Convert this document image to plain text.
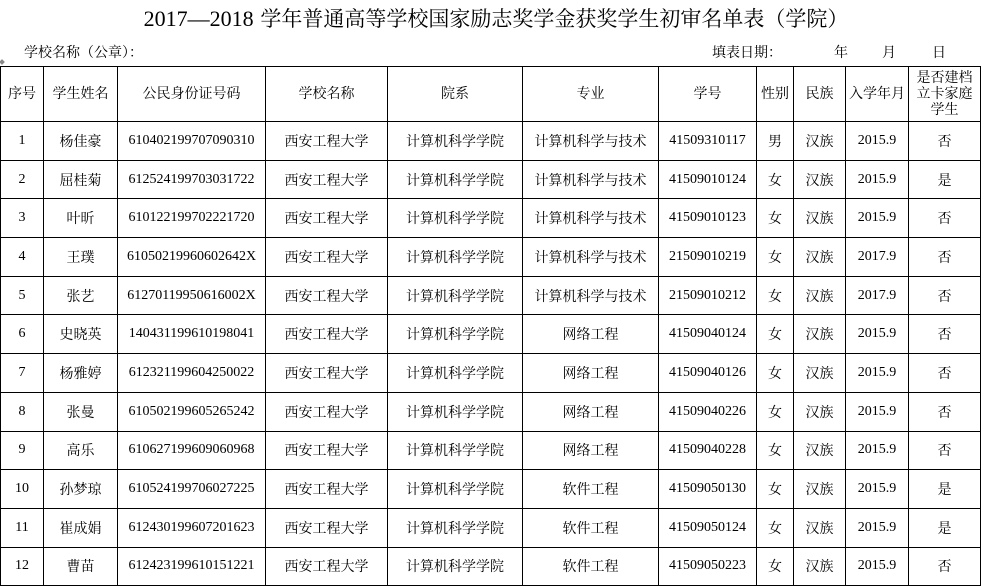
2017—2018 学年普通高等学校国家励志奖学金获奖学生初审名单表（学院）
学校名称（公章）：	填表日期：	年 月	日
序号	学生姓名	公民身份证号码	学校名称	院系	专业	学号	性别	民族	入学年月	是否建档立卡家庭学生
1	杨佳豪	610402199707090310	西安工程大学	计算机科学学院	计算机科学与技术	41509310117	男	汉族	2015.9	否
2	屈桂菊	612524199703031722	西安工程大学	计算机科学学院	计算机科学与技术	41509010124	女	汉族	2015.9	是
3	叶昕	610122199702221720	西安工程大学	计算机科学学院	计算机科学与技术	41509010123	女	汉族	2015.9	否
4	王璞	61050219960602642X	西安工程大学	计算机科学学院	计算机科学与技术	21509010219	女	汉族	2017.9	否
5	张艺	61270119950616002X	西安工程大学	计算机科学学院	计算机科学与技术	21509010212	女	汉族	2017.9	否
6	史晓英	140431199610198041	西安工程大学	计算机科学学院	网络工程	41509040124	女	汉族	2015.9	否
7	杨雅婷	612321199604250022	西安工程大学	计算机科学学院	网络工程	41509040126	女	汉族	2015.9	否
8	张曼	610502199605265242	西安工程大学	计算机科学学院	网络工程	41509040226	女	汉族	2015.9	否
9	高乐	610627199609060968	西安工程大学	计算机科学学院	网络工程	41509040228	女	汉族	2015.9	否
10	孙梦琼	610524199706027225	西安工程大学	计算机科学学院	软件工程	41509050130	女	汉族	2015.9	是
11	崔成娟	612430199607201623	西安工程大学	计算机科学学院	软件工程	41509050124	女	汉族	2015.9	是
12	曹苗	612423199610151221	西安工程大学	计算机科学学院	软件工程	41509050223	女	汉族	2015.9	否
